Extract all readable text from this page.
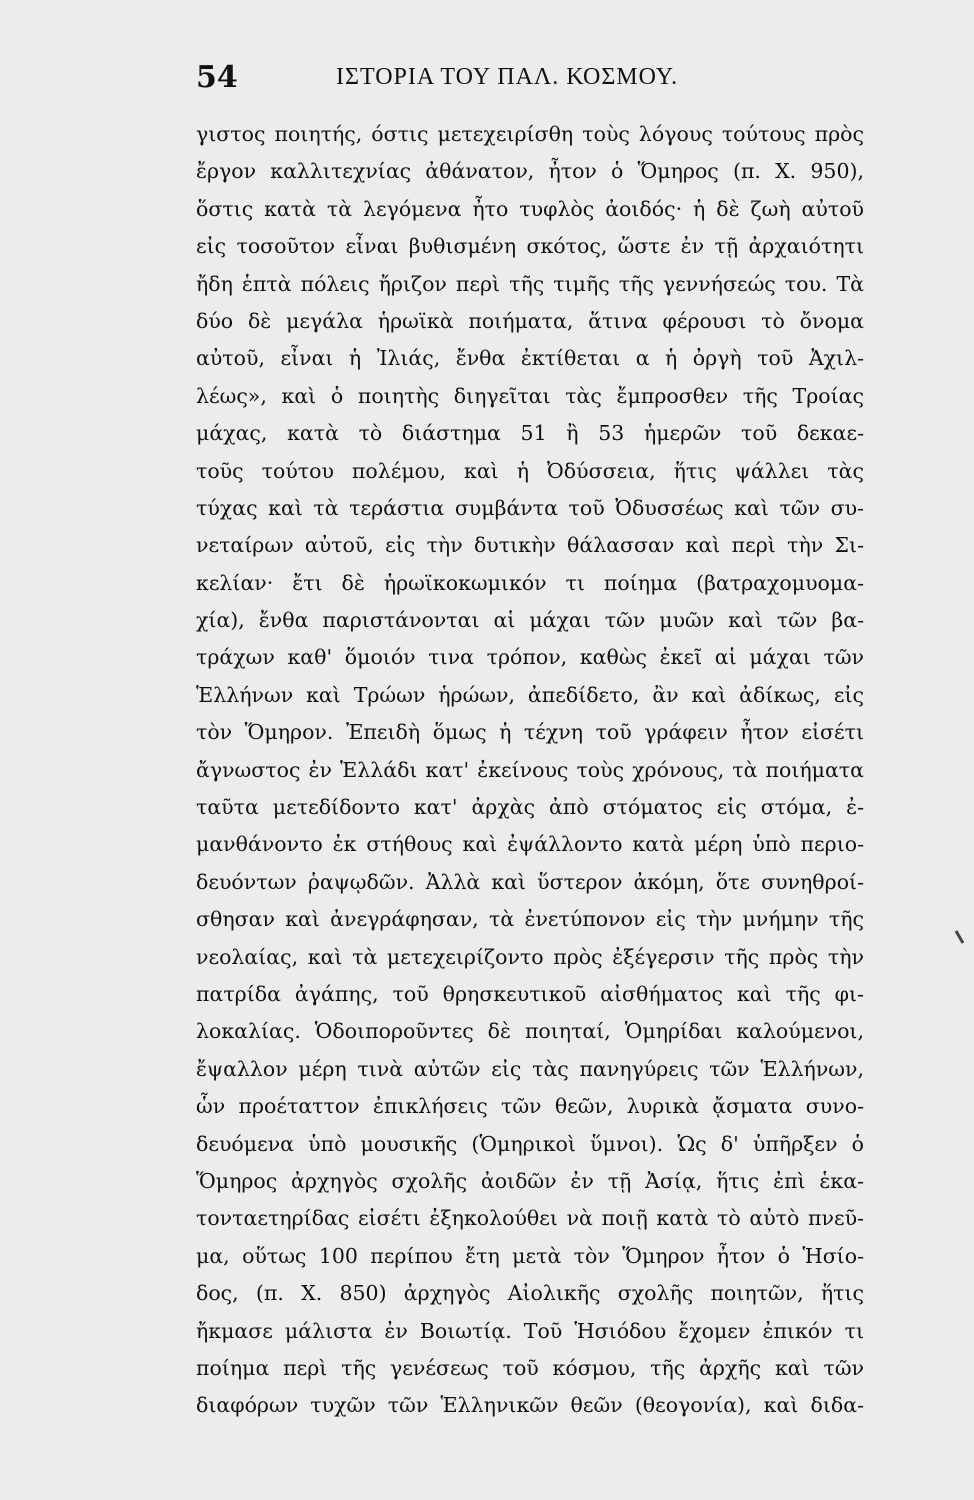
54	ΙΣΤΟΡΙΑ ΤΟΥ ΠΑΛ. ΚΟΣΜΟΥ.
γιστος ποιητής, όστις μετεχειρίσθη τοὺς λόγους τούτους πρὸς
ἔργον καλλιτεχνίας ἀθάνατον, ἦτον ὁ Ὅμηρος (π. Χ. 950),
ὅστις κατὰ τὰ λεγόμενα ἦτο τυφλὸς ἀοιδός· ἡ δὲ ζωὴ αὐτοῦ
εἰς τοσοῦτον εἶναι βυθισμένη σκότος, ὥστε ἐν τῇ ἀρχαιότητι
ἤδη ἑπτὰ πόλεις ἤριζον περὶ τῆς τιμῆς τῆς γεννήσεώς του. Τὰ
δύο δὲ μεγάλα ἡρωϊκὰ ποιήματα, ἅτινα φέρουσι τὸ ὄνομα
αὐτοῦ, εἶναι ἡ Ἰλιάς, ἔνθα ἐκτίθεται α ἡ ὀργὴ τοῦ Ἀχιλ-
λέως», καὶ ὁ ποιητὴς διηγεῖται τὰς ἔμπροσθεν τῆς Τροίας
μάχας, κατὰ τὸ διάστημα 51 ἢ 53 ἡμερῶν τοῦ δεκαε-
τοῦς τούτου πολέμου, καὶ ἡ Ὀδύσσεια, ἥτις ψάλλει τὰς
τύχας καὶ τὰ τεράστια συμβάντα τοῦ Ὀδυσσέως καὶ τῶν συ-
νεταίρων αὐτοῦ, εἰς τὴν δυτικὴν θάλασσαν καὶ περὶ τὴν Σι-
κελίαν· ἔτι δὲ ἡρωϊκοκωμικόν τι ποίημα (βατραχομυομα-
χία), ἔνθα παριστάνονται αἱ μάχαι τῶν μυῶν καὶ τῶν βα-
τράχων καθ' ὅμοιόν τινα τρόπον, καθὼς ἐκεῖ αἱ μάχαι τῶν
Ἑλλήνων καὶ Τρώων ἡρώων, ἀπεδίδετο, ἂν καὶ ἀδίκως, εἰς
τὸν Ὅμηρον. Ἐπειδὴ ὅμως ἡ τέχνη τοῦ γράφειν ἦτον εἰσέτι
ἄγνωστος ἐν Ἑλλάδι κατ' ἐκείνους τοὺς χρόνους, τὰ ποιήματα
ταῦτα μετεδίδοντο κατ' ἀρχὰς ἀπὸ στόματος εἰς στόμα, ἐ-
μανθάνοντο ἐκ στήθους καὶ ἐψάλλοντο κατὰ μέρη ὑπὸ περιο-
δευόντων ῥαψῳδῶν. Ἀλλὰ καὶ ὕστερον ἀκόμη, ὅτε συνηθροί-
σθησαν καὶ ἀνεγράφησαν, τὰ ἐνετύπονον εἰς τὴν μνήμην τῆς
νεολαίας, καὶ τὰ μετεχειρίζοντο πρὸς ἐξέγερσιν τῆς πρὸς τὴν
πατρίδα ἀγάπης, τοῦ θρησκευτικοῦ αἰσθήματος καὶ τῆς φι-
λοκαλίας. Ὁδοιποροῦντες δὲ ποιηταί, Ὁμηρίδαι καλούμενοι,
ἔψαλλον μέρη τινὰ αὐτῶν εἰς τὰς πανηγύρεις τῶν Ἑλλήνων,
ὧν προέταττον ἐπικλήσεις τῶν θεῶν, λυρικὰ ᾄσματα συνο-
δευόμενα ὑπὸ μουσικῆς (Ὁμηρικοὶ ὕμνοι). Ὡς δ' ὑπῆρξεν ὁ
Ὅμηρος ἀρχηγὸς σχολῆς ἀοιδῶν ἐν τῇ Ἀσίᾳ, ἥτις ἐπὶ ἑκα-
τονταετηρίδας εἰσέτι ἐξηκολούθει νὰ ποιῇ κατὰ τὸ αὐτὸ πνεῦ-
μα, οὕτως 100 περίπου ἔτη μετὰ τὸν Ὅμηρον ἦτον ὁ Ἡσίο-
δος, (π. Χ. 850) ἀρχηγὸς Αἰολικῆς σχολῆς ποιητῶν, ἥτις
ἤκμασε μάλιστα ἐν Βοιωτίᾳ. Τοῦ Ἡσιόδου ἔχομεν ἐπικόν τι
ποίημα περὶ τῆς γενέσεως τοῦ κόσμου, τῆς ἀρχῆς καὶ τῶν
διαφόρων τυχῶν τῶν Ἑλληνικῶν θεῶν (θεογονία), καὶ διδα-
